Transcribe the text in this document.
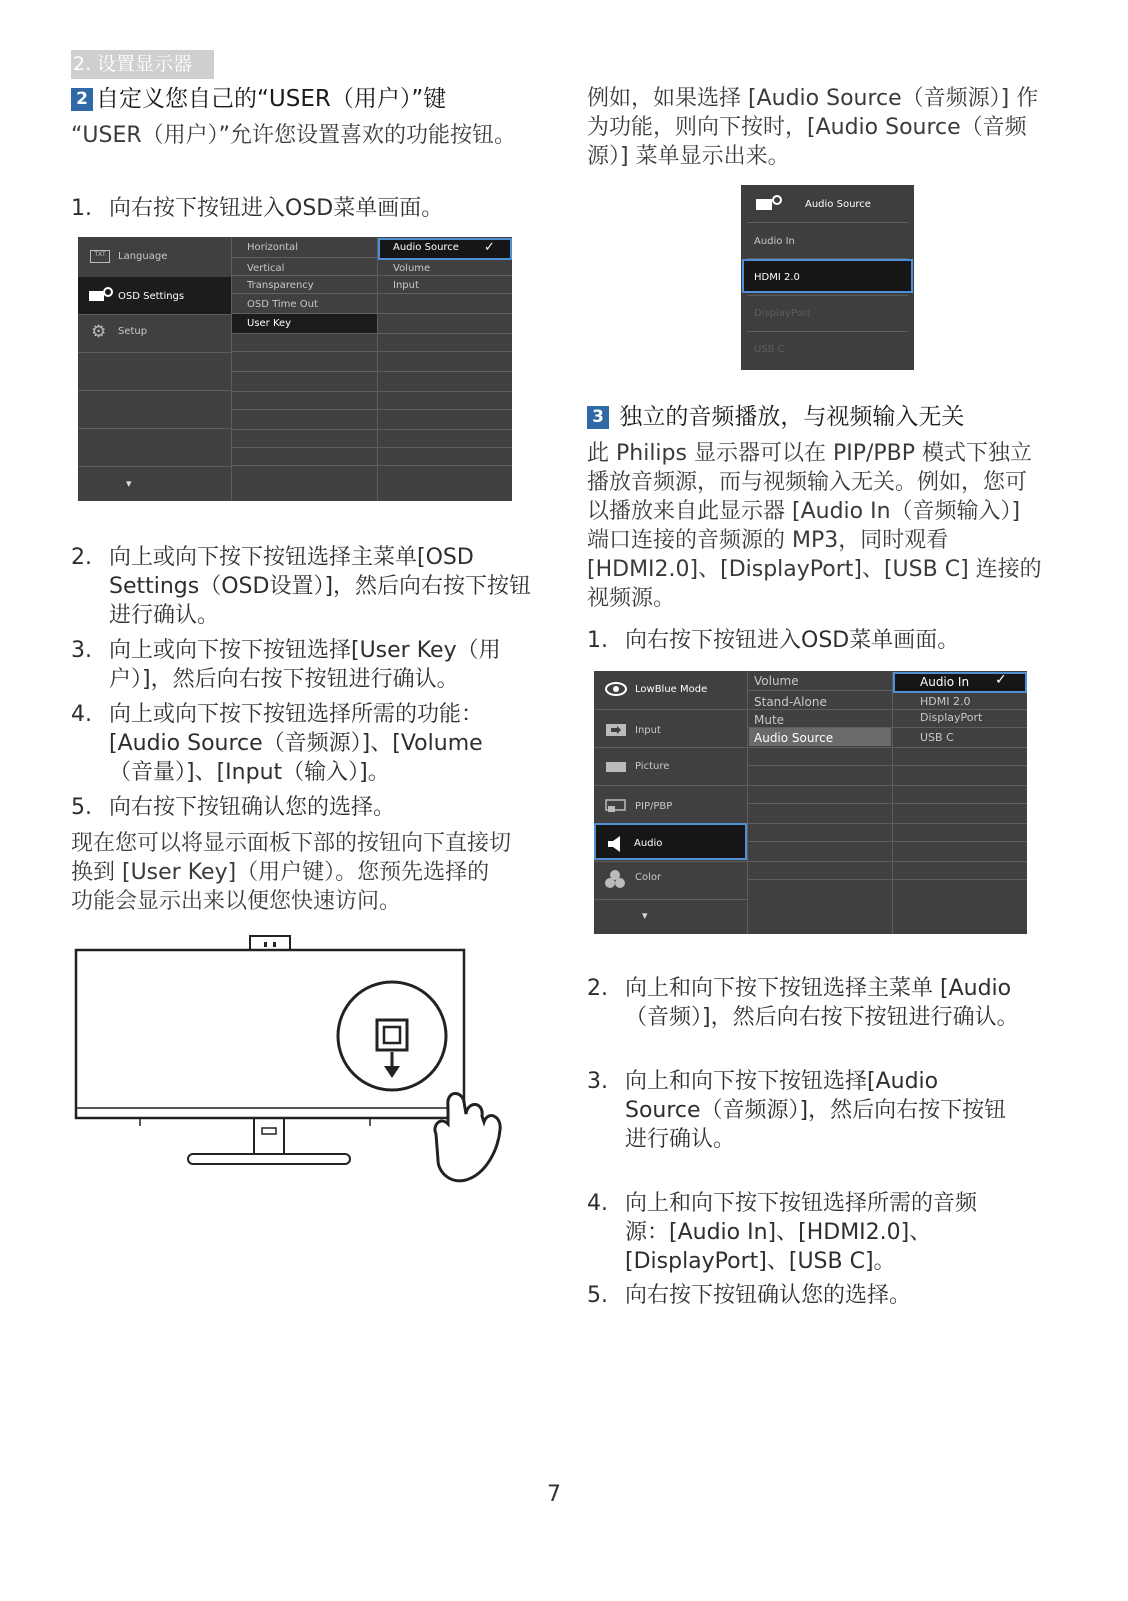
2. 设置显示器
2 自定义您自己的“USER（用户）”键
“USER（用户）”允许您设置喜欢的功能按钮。
1. 向右按下按钮进入OSD菜单画面。
TXT	Language
OSD Settings
⚙ Setup
▾
Horizontal
Vertical
Transparency
OSD Time Out
User Key
Audio Source ✓
Volume
Input
2. 向上或向下按下按钮选择主菜单[OSD Settings（OSD设置）]，然后向右按下按钮进行确认。
3. 向上或向下按下按钮选择[User Key（用户）]，然后向右按下按钮进行确认。
4. 向上或向下按下按钮选择所需的功能：[Audio Source（音频源）]、[Volume（音量）]、[Input（输入）]。
5. 向右按下按钮确认您的选择。
现在您可以将显示面板下部的按钮向下直接切换到 [User Key]（用户键）。您预先选择的功能会显示出来以便您快速访问。
例如，如果选择 [Audio Source（音频源）] 作为功能，则向下按时，[Audio Source（音频源）] 菜单显示出来。
Audio Source
Audio In
HDMI 2.0
DisplayPort
USB C
3 独立的音频播放，与视频输入无关
此 Philips 显示器可以在 PIP/PBP 模式下独立播放音频源，而与视频输入无关。例如，您可以播放来自此显示器 [Audio In（音频输入）] 端口连接的音频源的 MP3，同时观看 [HDMI2.0]、[DisplayPort]、[USB C] 连接的视频源。
1. 向右按下按钮进入OSD菜单画面。
LowBlue Mode
Input
Picture
PIP/PBP
Audio
Color
▾
Volume
Stand-Alone
Mute
Audio Source
Audio In ✓
HDMI 2.0
DisplayPort
USB C
2. 向上和向下按下按钮选择主菜单 [Audio（音频）]，然后向右按下按钮进行确认。
3. 向上和向下按下按钮选择[Audio Source（音频源）]，然后向右按下按钮进行确认。
4. 向上和向下按下按钮选择所需的音频源：[Audio In]、[HDMI2.0]、[DisplayPort]、[USB C]。
5. 向右按下按钮确认您的选择。
7
